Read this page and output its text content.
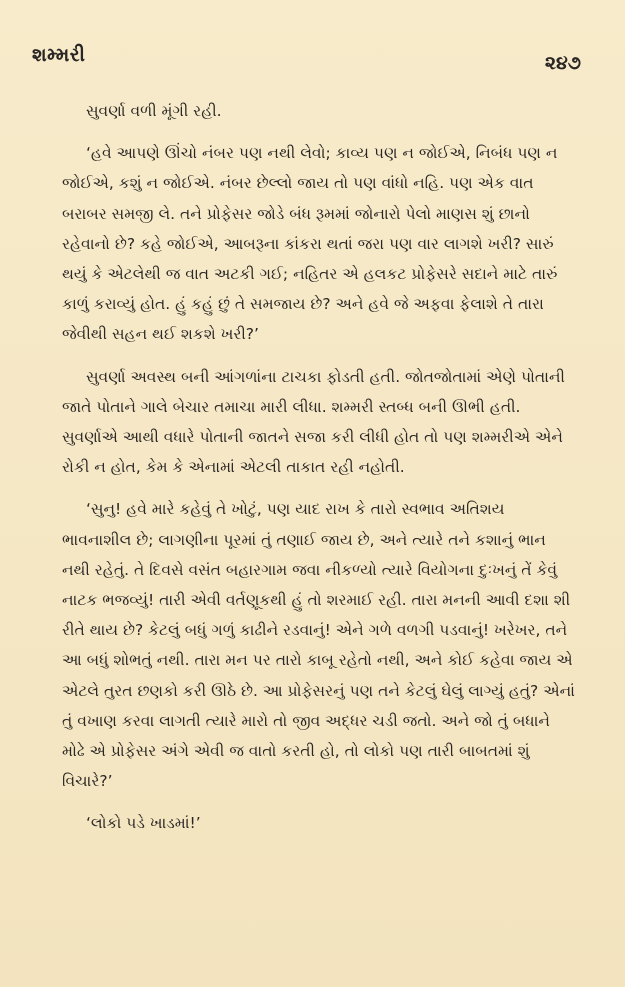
શમ્મરી	૨૪૭

સુવર્ણા વળી મૂંગી રહી.

‘હવે આપણે ઊંચો નંબર પણ નથી લેવો; કાવ્ય પણ ન જોઈએ, નિબંધ પણ ન જોઈએ, કશું ન જોઈએ. નંબર છેલ્લો જાય તો પણ વાંધો નહિ. પણ એક વાત બરાબર સમજી લે. તને પ્રોફેસર જોડે બંધ રૂમમાં જોનારો પેલો માણસ શું છાનો રહેવાનો છે? કહે જોઈએ, આબરૂના કાંકરા થતાં જરા પણ વાર લાગશે ખરી? સારું થયું કે એટલેથી જ વાત અટકી ગઈ; નહિતર એ હલકટ પ્રોફેસરે સદાને માટે તારું કાળું કરાવ્યું હોત. હું કહું છું તે સમજાય છે? અને હવે જે અફવા ફેલાશે તે તારા જેવીથી સહન થઈ શકશે ખરી?’

સુવર્ણા અવસ્થ બની આંગળાંના ટાચકા ફોડતી હતી. જોતજોતામાં એણે પોતાની જાતે પોતાને ગાલે બેચાર તમાચા મારી લીધા. શમ્મરી સ્તબ્ધ બની ઊભી હતી. સુવર્ણાએ આથી વધારે પોતાની જાતને સજા કરી લીધી હોત તો પણ શમ્મરીએ એને રોકી ન હોત, કેમ કે એનામાં એટલી તાકાત રહી નહોતી.

‘સુનુ! હવે મારે કહેવું તે ખોટું, પણ યાદ રાખ કે તારો સ્વભાવ અતિશય ભાવનાશીલ છે; લાગણીના પૂરમાં તું તણાઈ જાય છે, અને ત્યારે તને કશાનું ભાન નથી રહેતું. તે દિવસે વસંત બહારગામ જવા નીકળ્યો ત્યારે વિયોગના દુઃખનું તેં કેવું નાટક ભજવ્યું! તારી એવી વર્તણૂકથી હું તો શરમાઈ રહી. તારા મનની આવી દશા શી રીતે થાય છે? કેટલું બધું ગળું કાઢીને રડવાનું! એને ગળે વળગી પડવાનું! ખરેખર, તને આ બધું શોભતું નથી. તારા મન પર તારો કાબૂ રહેતો નથી, અને કોઈ કહેવા જાય એ એટલે તુરત છણકો કરી ઊઠે છે. આ પ્રોફેસરનું પણ તને કેટલું ઘેલું લાગ્યું હતું? એનાં તું વખાણ કરવા લાગતી ત્યારે મારો તો જીવ અદ્ધર ચડી જતો. અને જો તું બધાને મોઢે એ પ્રોફેસર અંગે એવી જ વાતો કરતી હો, તો લોકો પણ તારી બાબતમાં શું વિચારે?’

‘લોકો પડે ખાડમાં!’
